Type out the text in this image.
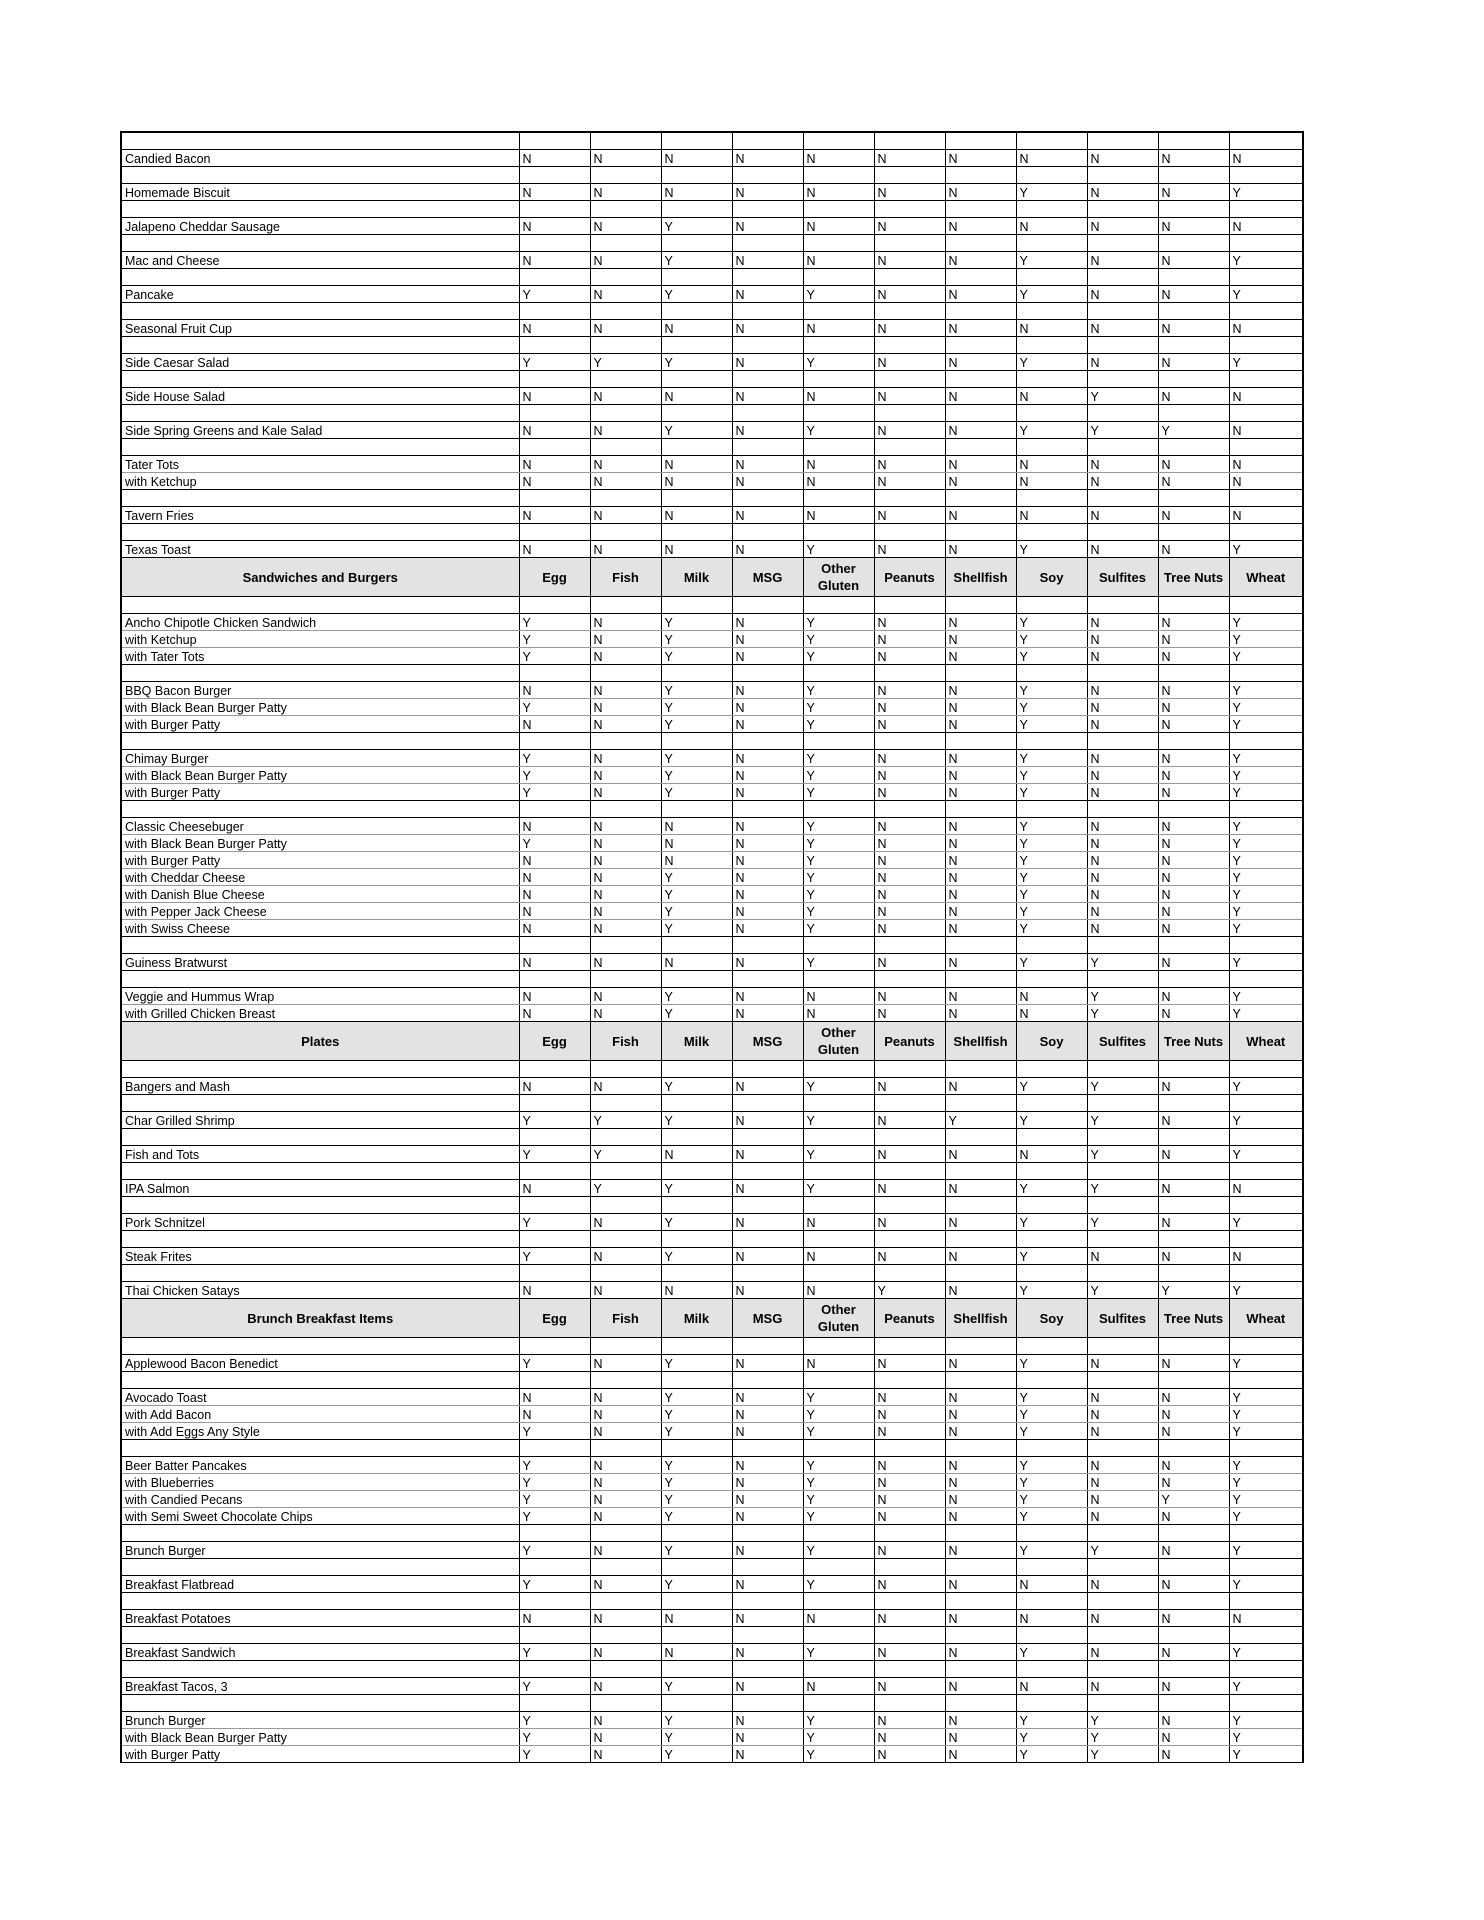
Candied Bacon	N	N	N	N	N	N	N	N	N	N	N

Homemade Biscuit	N	N	N	N	N	N	N	Y	N	N	Y

Jalapeno Cheddar Sausage	N	N	Y	N	N	N	N	N	N	N	N

Mac and Cheese	N	N	Y	N	N	N	N	Y	N	N	Y

Pancake	Y	N	Y	N	Y	N	N	Y	N	N	Y

Seasonal Fruit Cup	N	N	N	N	N	N	N	N	N	N	N

Side Caesar Salad	Y	Y	Y	N	Y	N	N	Y	N	N	Y

Side House Salad	N	N	N	N	N	N	N	N	Y	N	N

Side Spring Greens and Kale Salad	N	N	Y	N	Y	N	N	Y	Y	Y	N

Tater Tots	N	N	N	N	N	N	N	N	N	N	N
with Ketchup	N	N	N	N	N	N	N	N	N	N	N

Tavern Fries	N	N	N	N	N	N	N	N	N	N	N

Texas Toast	N	N	N	N	Y	N	N	Y	N	N	Y
Sandwiches and Burgers	Egg	Fish	Milk	MSG	Other Gluten	Peanuts	Shellfish	Soy	Sulfites	Tree Nuts	Wheat

Ancho Chipotle Chicken Sandwich	Y	N	Y	N	Y	N	N	Y	N	N	Y
with Ketchup	Y	N	Y	N	Y	N	N	Y	N	N	Y
with Tater Tots	Y	N	Y	N	Y	N	N	Y	N	N	Y

BBQ Bacon Burger	N	N	Y	N	Y	N	N	Y	N	N	Y
with Black Bean Burger Patty	Y	N	Y	N	Y	N	N	Y	N	N	Y
with Burger Patty	N	N	Y	N	Y	N	N	Y	N	N	Y

Chimay Burger	Y	N	Y	N	Y	N	N	Y	N	N	Y
with Black Bean Burger Patty	Y	N	Y	N	Y	N	N	Y	N	N	Y
with Burger Patty	Y	N	Y	N	Y	N	N	Y	N	N	Y

Classic Cheesebuger	N	N	N	N	Y	N	N	Y	N	N	Y
with Black Bean Burger Patty	Y	N	N	N	Y	N	N	Y	N	N	Y
with Burger Patty	N	N	N	N	Y	N	N	Y	N	N	Y
with Cheddar Cheese	N	N	Y	N	Y	N	N	Y	N	N	Y
with Danish Blue Cheese	N	N	Y	N	Y	N	N	Y	N	N	Y
with Pepper Jack Cheese	N	N	Y	N	Y	N	N	Y	N	N	Y
with Swiss Cheese	N	N	Y	N	Y	N	N	Y	N	N	Y

Guiness Bratwurst	N	N	N	N	Y	N	N	Y	Y	N	Y

Veggie and Hummus Wrap	N	N	Y	N	N	N	N	N	Y	N	Y
with Grilled Chicken Breast	N	N	Y	N	N	N	N	N	Y	N	Y
Plates	Egg	Fish	Milk	MSG	Other Gluten	Peanuts	Shellfish	Soy	Sulfites	Tree Nuts	Wheat

Bangers and Mash	N	N	Y	N	Y	N	N	Y	Y	N	Y

Char Grilled Shrimp	Y	Y	Y	N	Y	N	Y	Y	Y	N	Y

Fish and Tots	Y	Y	N	N	Y	N	N	N	Y	N	Y

IPA Salmon	N	Y	Y	N	Y	N	N	Y	Y	N	N

Pork Schnitzel	Y	N	Y	N	N	N	N	Y	Y	N	Y

Steak Frites	Y	N	Y	N	N	N	N	Y	N	N	N

Thai Chicken Satays	N	N	N	N	N	Y	N	Y	Y	Y	Y
Brunch Breakfast Items	Egg	Fish	Milk	MSG	Other Gluten	Peanuts	Shellfish	Soy	Sulfites	Tree Nuts	Wheat

Applewood Bacon Benedict	Y	N	Y	N	N	N	N	Y	N	N	Y

Avocado Toast	N	N	Y	N	Y	N	N	Y	N	N	Y
with Add Bacon	N	N	Y	N	Y	N	N	Y	N	N	Y
with Add Eggs Any Style	Y	N	Y	N	Y	N	N	Y	N	N	Y

Beer Batter Pancakes	Y	N	Y	N	Y	N	N	Y	N	N	Y
with Blueberries	Y	N	Y	N	Y	N	N	Y	N	N	Y
with Candied Pecans	Y	N	Y	N	Y	N	N	Y	N	Y	Y
with Semi Sweet Chocolate Chips	Y	N	Y	N	Y	N	N	Y	N	N	Y

Brunch Burger	Y	N	Y	N	Y	N	N	Y	Y	N	Y

Breakfast Flatbread	Y	N	Y	N	Y	N	N	N	N	N	Y

Breakfast Potatoes	N	N	N	N	N	N	N	N	N	N	N

Breakfast Sandwich	Y	N	N	N	Y	N	N	Y	N	N	Y

Breakfast Tacos, 3	Y	N	Y	N	N	N	N	N	N	N	Y

Brunch Burger	Y	N	Y	N	Y	N	N	Y	Y	N	Y
with Black Bean Burger Patty	Y	N	Y	N	Y	N	N	Y	Y	N	Y
with Burger Patty	Y	N	Y	N	Y	N	N	Y	Y	N	Y
